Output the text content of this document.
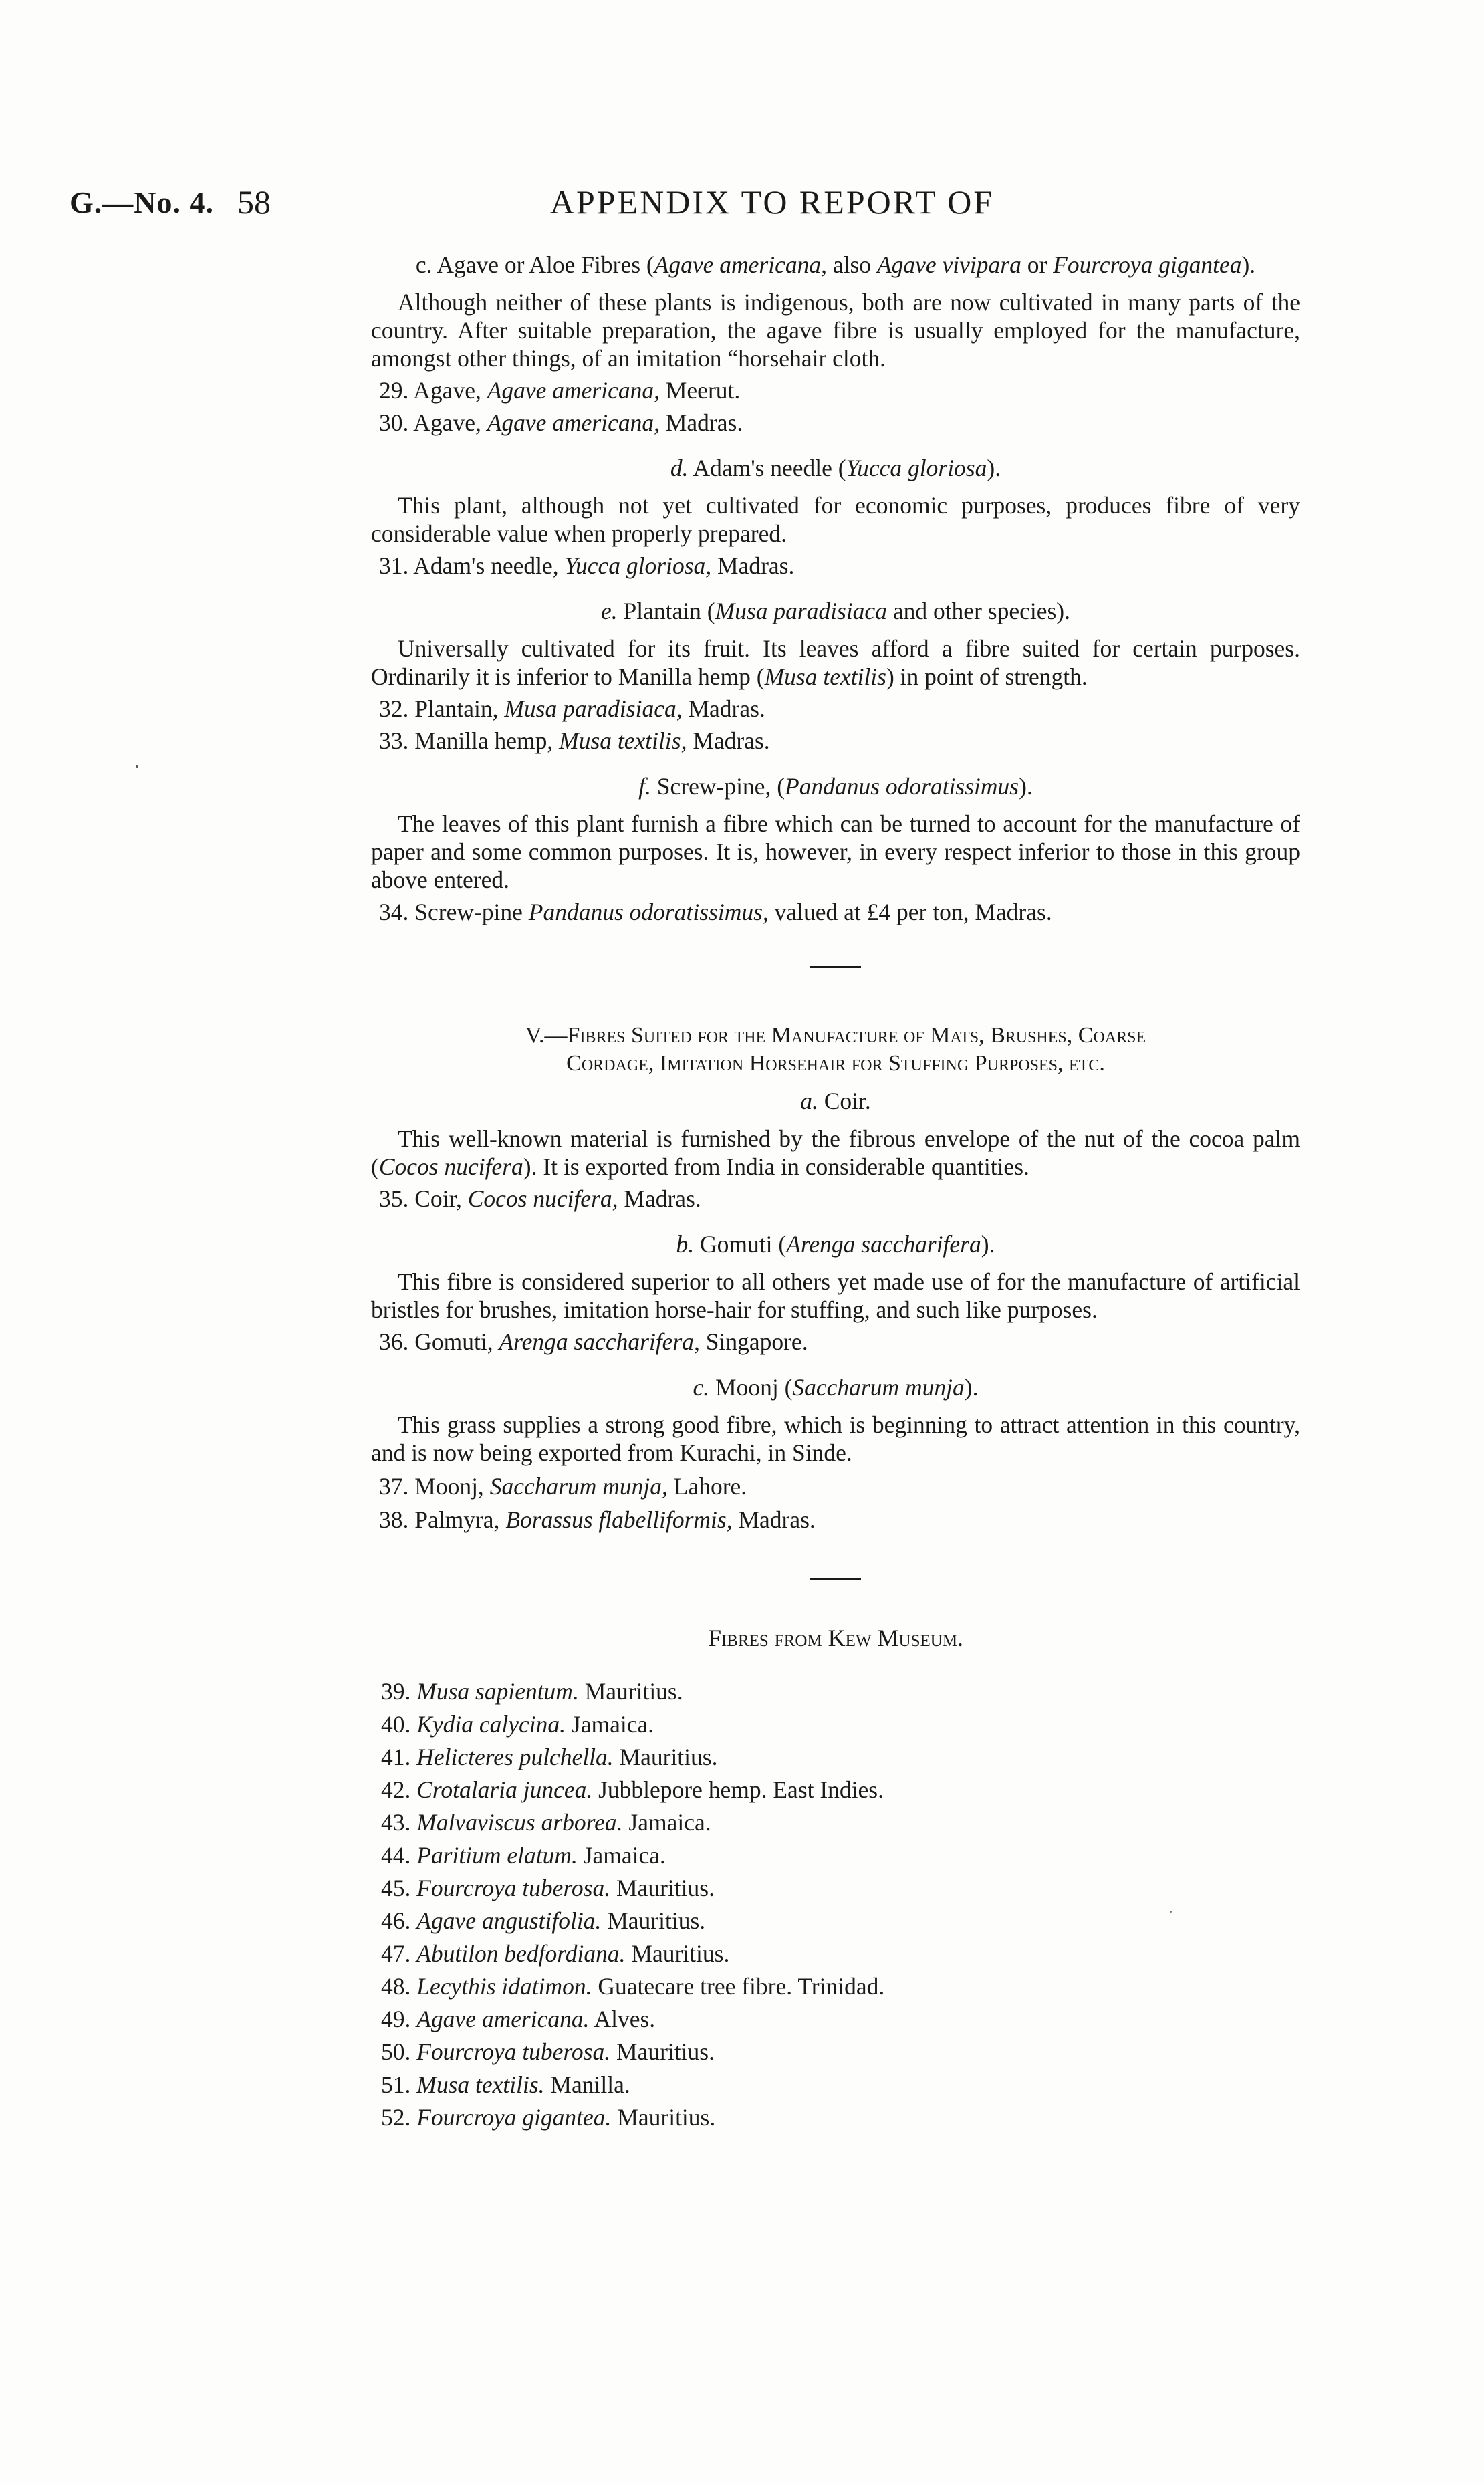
G.—No. 4. 58	APPENDIX TO REPORT OF

c. Agave or Aloe Fibres (Agave americana, also Agave vivipara or Fourcroya gigantea).

Although neither of these plants is indigenous, both are now cultivated in many parts of the country. After suitable preparation, the agave fibre is usually employed for the manufacture, amongst other things, of an imitation “horsehair cloth.

29. Agave, Agave americana, Meerut.

30. Agave, Agave americana, Madras.

d. Adam's needle (Yucca gloriosa).

This plant, although not yet cultivated for economic purposes, produces fibre of very considerable value when properly prepared.

31. Adam's needle, Yucca gloriosa, Madras.

e. Plantain (Musa paradisiaca and other species).

Universally cultivated for its fruit. Its leaves afford a fibre suited for certain purposes. Ordinarily it is inferior to Manilla hemp (Musa textilis) in point of strength.

32. Plantain, Musa paradisiaca, Madras.

33. Manilla hemp, Musa textilis, Madras.

f. Screw-pine, (Pandanus odoratissimus).

The leaves of this plant furnish a fibre which can be turned to account for the manufacture of paper and some common purposes. It is, however, in every respect inferior to those in this group above entered.

34. Screw-pine Pandanus odoratissimus, valued at £4 per ton, Madras.

V.—Fibres Suited for the Manufacture of Mats, Brushes, Coarse
Cordage, Imitation Horsehair for Stuffing Purposes, etc.

a. Coir.

This well-known material is furnished by the fibrous envelope of the nut of the cocoa palm (Cocos nucifera). It is exported from India in considerable quantities.

35. Coir, Cocos nucifera, Madras.

b. Gomuti (Arenga saccharifera).

This fibre is considered superior to all others yet made use of for the manufacture of artificial bristles for brushes, imitation horse-hair for stuffing, and such like purposes.

36. Gomuti, Arenga saccharifera, Singapore.

c. Moonj (Saccharum munja).

This grass supplies a strong good fibre, which is beginning to attract attention in this country, and is now being exported from Kurachi, in Sinde.

37. Moonj, Saccharum munja, Lahore.

38. Palmyra, Borassus flabelliformis, Madras.

Fibres from Kew Museum.

39. Musa sapientum. Mauritius.

40. Kydia calycina. Jamaica.

41. Helicteres pulchella. Mauritius.

42. Crotalaria juncea. Jubblepore hemp. East Indies.

43. Malvaviscus arborea. Jamaica.

44. Paritium elatum. Jamaica.

45. Fourcroya tuberosa. Mauritius.

46. Agave angustifolia. Mauritius.

47. Abutilon bedfordiana. Mauritius.

48. Lecythis idatimon. Guatecare tree fibre. Trinidad.

49. Agave americana. Alves.

50. Fourcroya tuberosa. Mauritius.

51. Musa textilis. Manilla.

52. Fourcroya gigantea. Mauritius.
